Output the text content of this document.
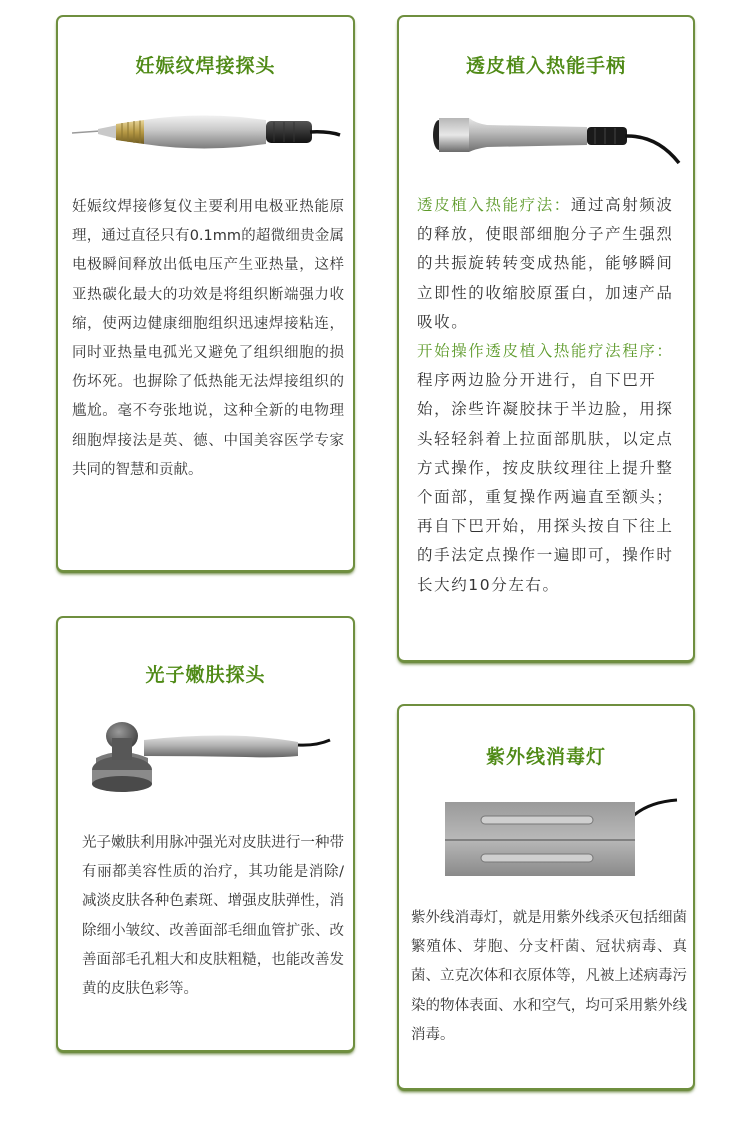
妊娠纹焊接探头

妊娠纹焊接修复仪主要利用电极亚热能原理，通过直径只有0.1mm的超微细贵金属电极瞬间释放出低电压产生亚热量，这样亚热碳化最大的功效是将组织断端强力收缩，使两边健康细胞组织迅速焊接粘连，同时亚热量电孤光又避免了组织细胞的损伤坏死。也摒除了低热能无法焊接组织的尴尬。毫不夸张地说，这种全新的电物理细胞焊接法是英、德、中国美容医学专家共同的智慧和贡献。

透皮植入热能手柄

透皮植入热能疗法：通过高射频波的释放，使眼部细胞分子产生强烈的共振旋转转变成热能，能够瞬间立即性的收缩胶原蛋白，加速产品吸收。
开始操作透皮植入热能疗法程序：程序两边脸分开进行，自下巴开始，涂些许凝胶抹于半边脸，用探头轻轻斜着上拉面部肌肤，以定点方式操作，按皮肤纹理往上提升整个面部，重复操作两遍直至额头；再自下巴开始，用探头按自下往上的手法定点操作一遍即可，操作时长大约10分左右。

光子嫩肤探头

光子嫩肤利用脉冲强光对皮肤进行一种带有丽都美容性质的治疗，其功能是消除/减淡皮肤各种色素斑、增强皮肤弹性，消除细小皱纹、改善面部毛细血管扩张、改善面部毛孔粗大和皮肤粗糙，也能改善发黄的皮肤色彩等。

紫外线消毒灯

紫外线消毒灯，就是用紫外线杀灭包括细菌繁殖体、芽胞、分支杆菌、冠状病毒、真菌、立克次体和衣原体等，凡被上述病毒污染的物体表面、水和空气，均可采用紫外线消毒。
